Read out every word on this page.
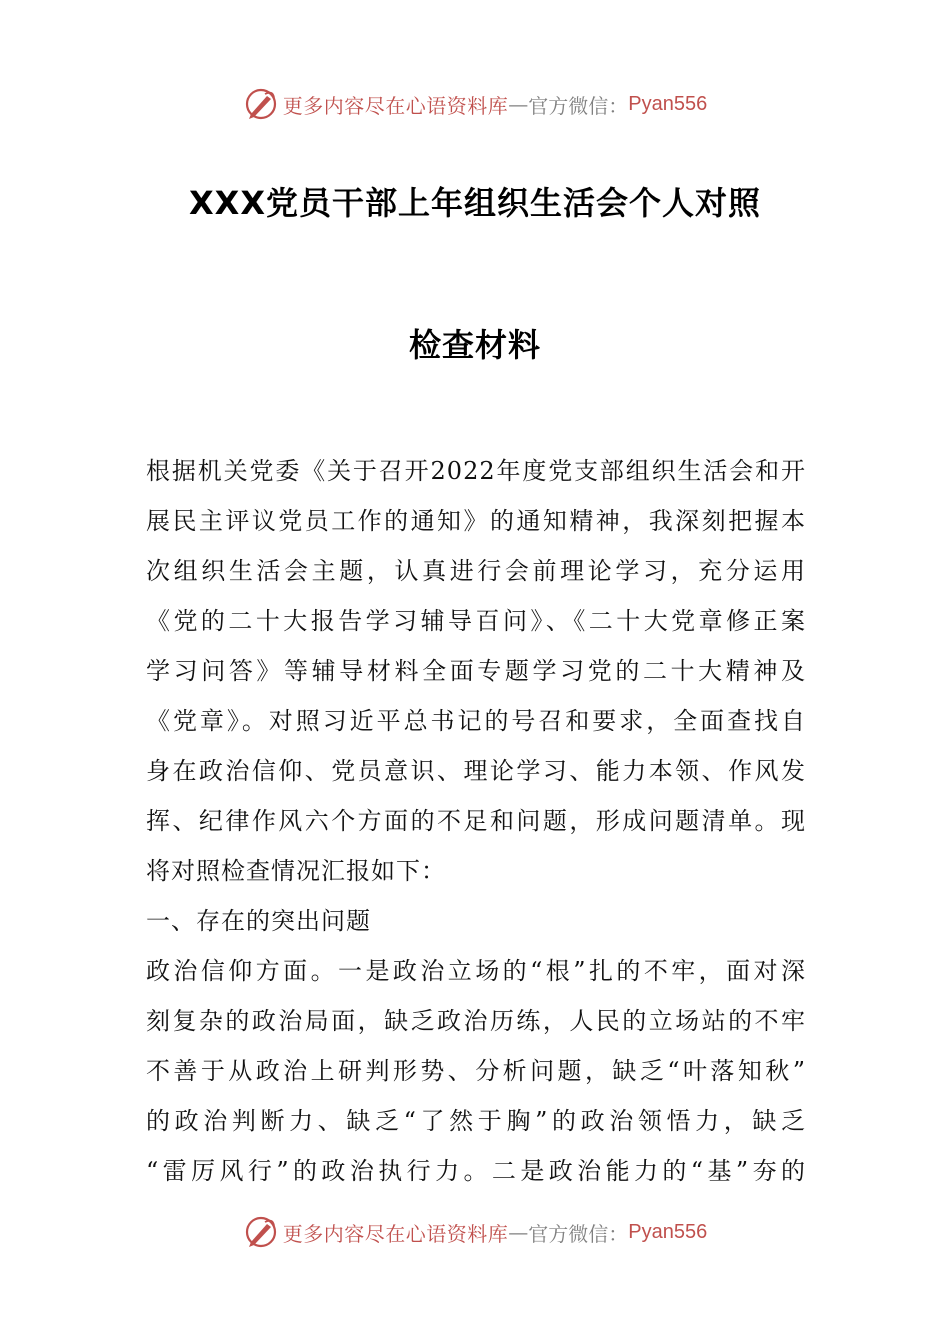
更多内容尽在心语资料库 — 官方微信： Pyan556
XXX党员干部上年组织生活会个人对照
检查材料
根据机关党委《关于召开2022年度党支部组织生活会和开
展民主评议党员工作的通知》的通知精神，我深刻把握本
次组织生活会主题，认真进行会前理论学习，充分运用
《党的二十大报告学习辅导百问》、《二十大党章修正案
学习问答》等辅导材料全面专题学习党的二十大精神及
《党章》。对照习近平总书记的号召和要求，全面查找自
身在政治信仰、党员意识、理论学习、能力本领、作风发
挥、纪律作风六个方面的不足和问题，形成问题清单。现
将对照检查情况汇报如下：
一、存在的突出问题
政治信仰方面。一是政治立场的“根”扎的不牢，面对深
刻复杂的政治局面，缺乏政治历练，人民的立场站的不牢
不善于从政治上研判形势、分析问题，缺乏“叶落知秋”
的政治判断力、缺乏“了然于胸”的政治领悟力，缺乏
“雷厉风行”的政治执行力。二是政治能力的“基”夯的
更多内容尽在心语资料库 — 官方微信： Pyan556
